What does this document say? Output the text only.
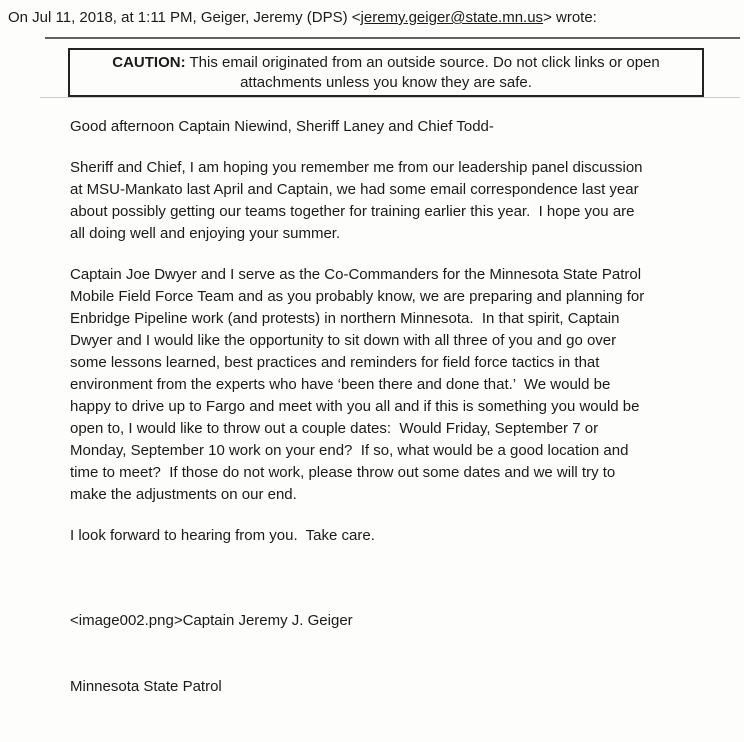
On Jul 11, 2018, at 1:11 PM, Geiger, Jeremy (DPS) <jeremy.geiger@state.mn.us> wrote:
CAUTION: This email originated from an outside source. Do not click links or open
attachments unless you know they are safe.
Good afternoon Captain Niewind, Sheriff Laney and Chief Todd-
Sheriff and Chief, I am hoping you remember me from our leadership panel discussion
at MSU-Mankato last April and Captain, we had some email correspondence last year
about possibly getting our teams together for training earlier this year.  I hope you are
all doing well and enjoying your summer.
Captain Joe Dwyer and I serve as the Co-Commanders for the Minnesota State Patrol
Mobile Field Force Team and as you probably know, we are preparing and planning for
Enbridge Pipeline work (and protests) in northern Minnesota.  In that spirit, Captain
Dwyer and I would like the opportunity to sit down with all three of you and go over
some lessons learned, best practices and reminders for field force tactics in that
environment from the experts who have ‘been there and done that.’  We would be
happy to drive up to Fargo and meet with you all and if this is something you would be
open to, I would like to throw out a couple dates:  Would Friday, September 7 or
Monday, September 10 work on your end?  If so, what would be a good location and
time to meet?  If those do not work, please throw out some dates and we will try to
make the adjustments on our end.
I look forward to hearing from you.  Take care.

<image002.png>Captain Jeremy J. Geiger

Minnesota State Patrol
